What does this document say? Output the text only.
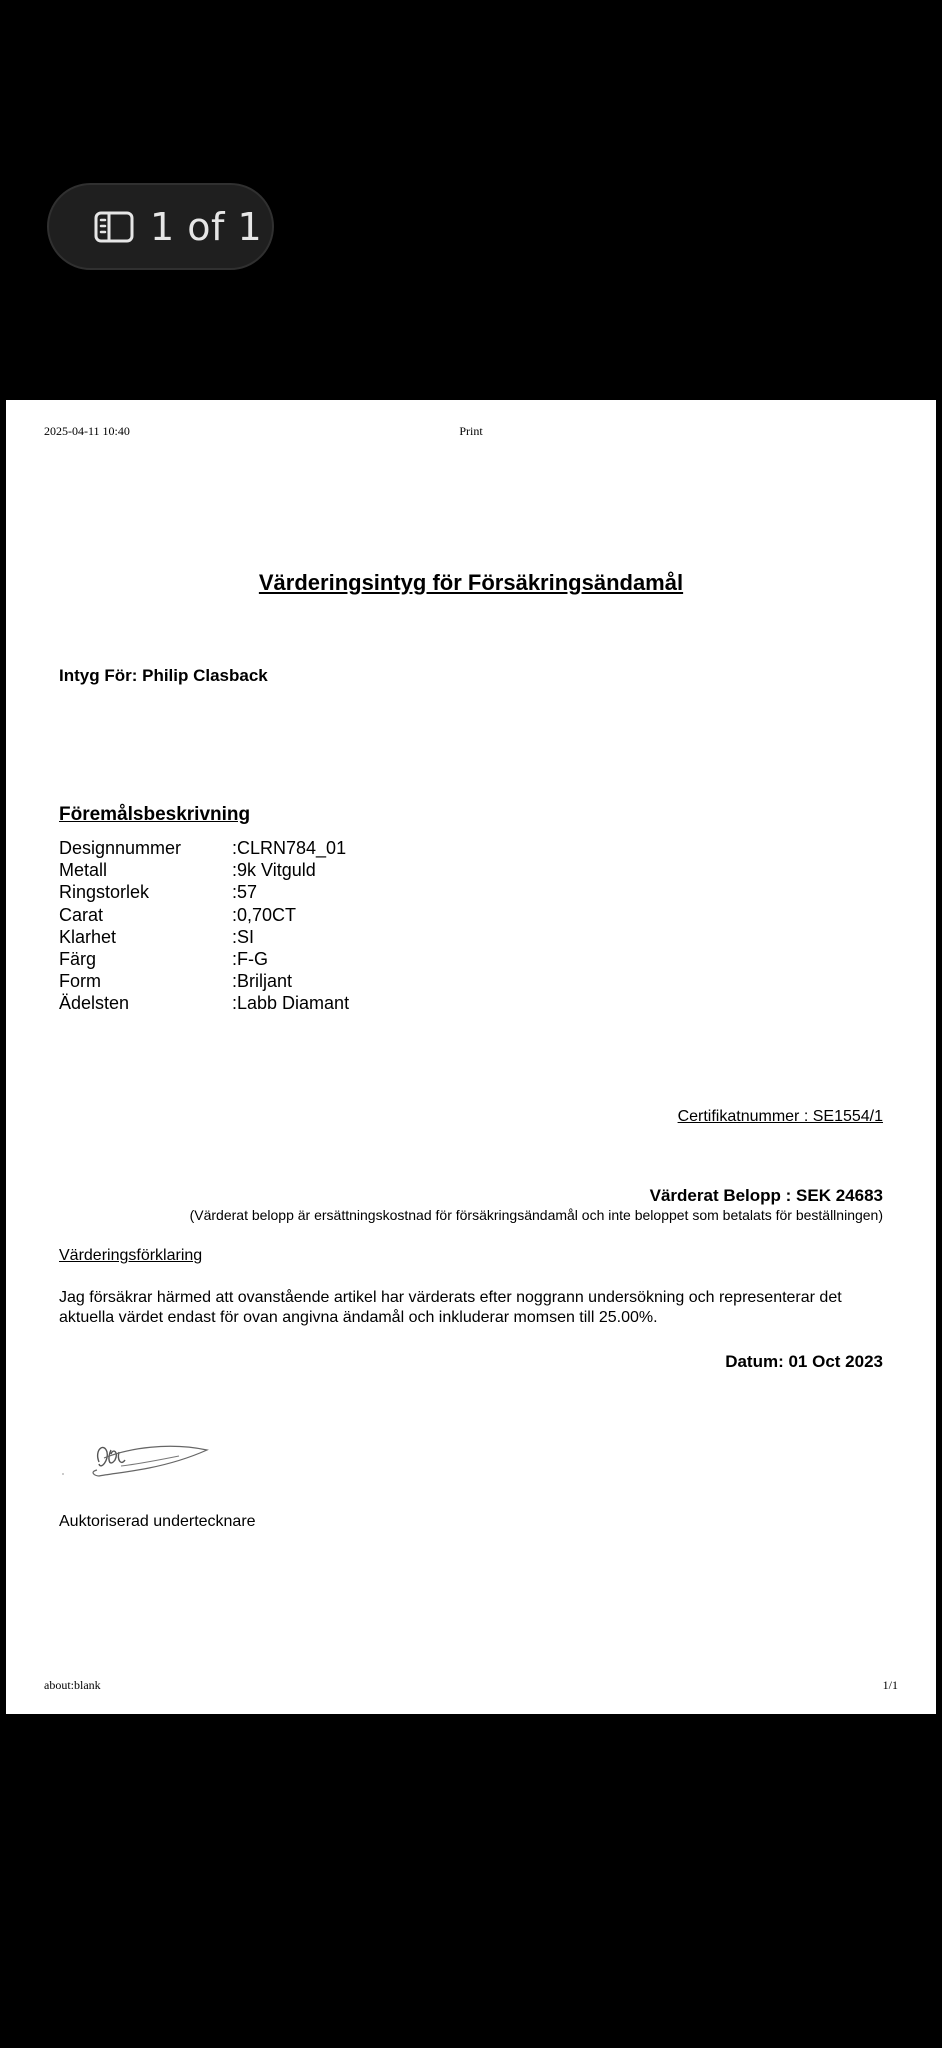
1 of 1
2025-04-11 10:40	Print
Värderingsintyg för Försäkringsändamål
Intyg För: Philip Clasback
Föremålsbeskrivning
Designnummer	:CLRN784_01
Metall	:9k Vitguld
Ringstorlek	:57
Carat	:0,70CT
Klarhet	:SI
Färg	:F-G
Form	:Briljant
Ädelsten	:Labb Diamant
Certifikatnummer : SE1554/1
Värderat Belopp : SEK 24683
(Värderat belopp är ersättningskostnad för försäkringsändamål och inte beloppet som betalats för beställningen)
Värderingsförklaring
Jag försäkrar härmed att ovanstående artikel har värderats efter noggrann undersökning och representerar det aktuella värdet endast för ovan angivna ändamål och inkluderar momsen till 25.00%.
Datum: 01 Oct 2023
Auktoriserad undertecknare
about:blank	1/1
